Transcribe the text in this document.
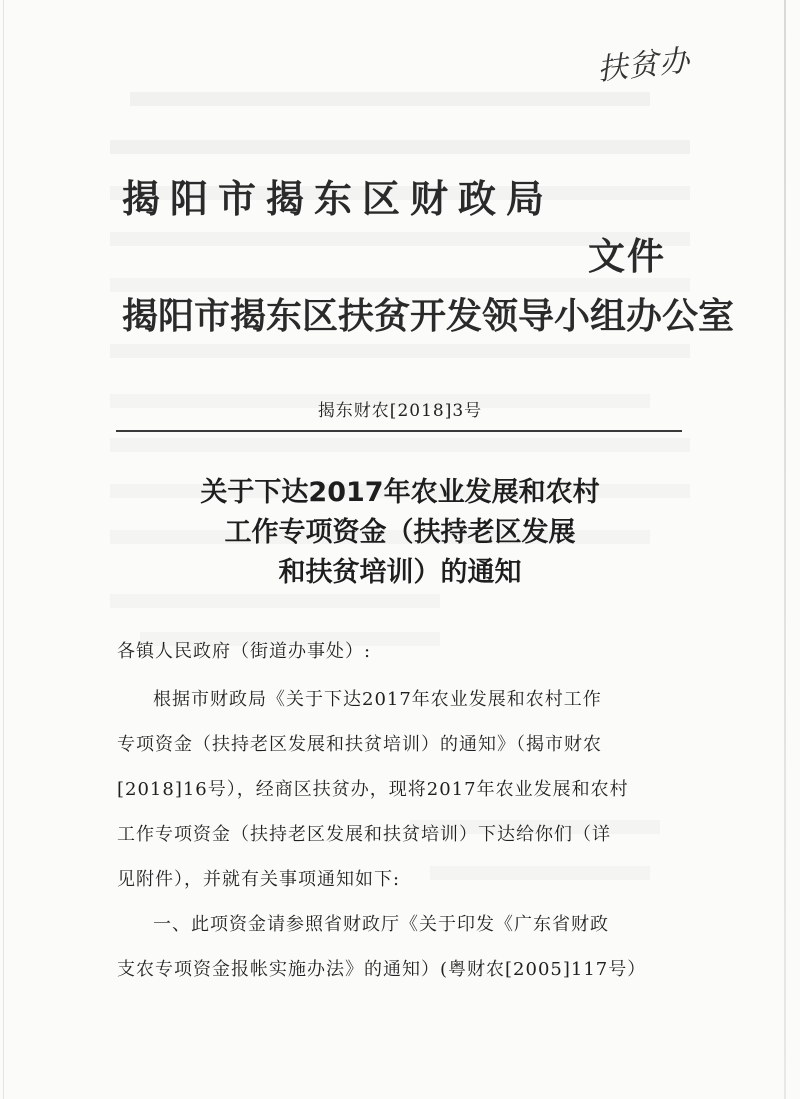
扶贫办
揭阳市揭东区财政局
文件
揭阳市揭东区扶贫开发领导小组办公室
揭东财农[2018]3号
关于下达2017年农业发展和农村
工作专项资金（扶持老区发展
和扶贫培训）的通知
各镇人民政府（街道办事处）:
根据市财政局《关于下达2017年农业发展和农村工作
专项资金（扶持老区发展和扶贫培训）的通知》（揭市财农
[2018]16号），经商区扶贫办，现将2017年农业发展和农村
工作专项资金（扶持老区发展和扶贫培训）下达给你们（详
见附件），并就有关事项通知如下:
一、此项资金请参照省财政厅《关于印发《广东省财政
支农专项资金报帐实施办法》的通知）(粤财农[2005]117号）
